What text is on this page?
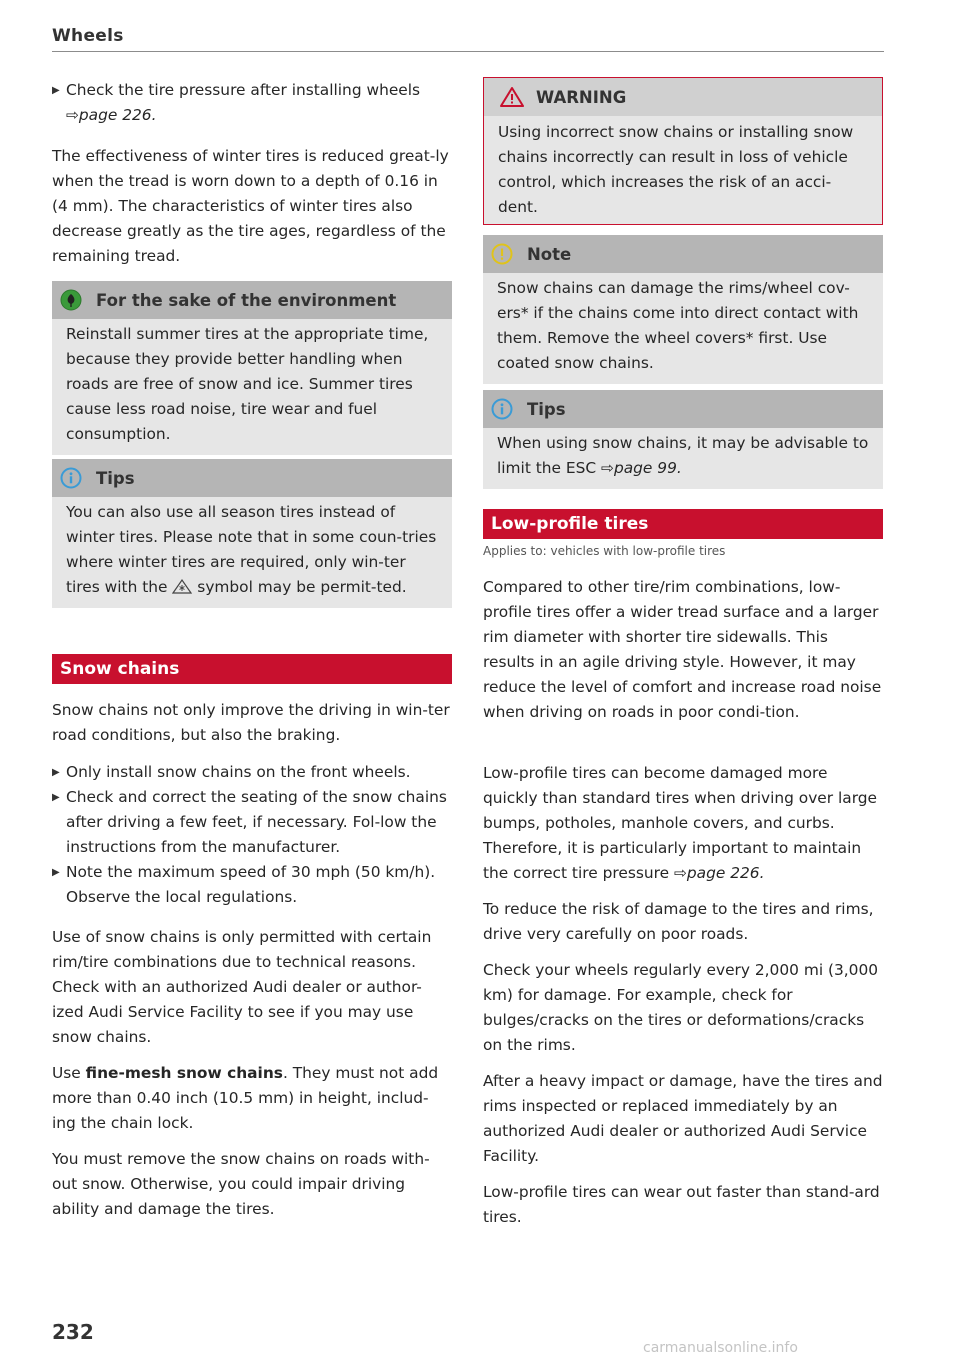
Wheels
▶ Check the tire pressure after installing wheels
⇨page 226.

The effectiveness of winter tires is reduced great-ly when the tread is worn down to a depth of 0.16 in (4 mm). The characteristics of winter tires also decrease greatly as the tire ages, regardless of the remaining tread.

For the sake of the environment

Reinstall summer tires at the appropriate time, because they provide better handling when roads are free of snow and ice. Summer tires cause less road noise, tire wear and fuel consumption.

Tips

You can also use all season tires instead of winter tires. Please note that in some coun-tries where winter tires are required, only win-ter tires with the symbol may be permit-ted.

Snow chains

Snow chains not only improve the driving in win-ter road conditions, but also the braking.

▶ Only install snow chains on the front wheels.
▶ Check and correct the seating of the snow chains after driving a few feet, if necessary. Fol-low the instructions from the manufacturer.
▶ Note the maximum speed of 30 mph (50 km/h). Observe the local regulations.

Use of snow chains is only permitted with certain rim/tire combinations due to technical reasons. Check with an authorized Audi dealer or author-ized Audi Service Facility to see if you may use snow chains.

Use fine-mesh snow chains. They must not add more than 0.40 inch (10.5 mm) in height, includ-ing the chain lock.

You must remove the snow chains on roads with-out snow. Otherwise, you could impair driving ability and damage the tires.

WARNING

Using incorrect snow chains or installing snow chains incorrectly can result in loss of vehicle control, which increases the risk of an acci-dent.

Note

Snow chains can damage the rims/wheel cov-ers* if the chains come into direct contact with them. Remove the wheel covers* first. Use coated snow chains.

Tips

When using snow chains, it may be advisable to limit the ESC ⇨page 99.

Low-profile tires
Applies to: vehicles with low-profile tires

Compared to other tire/rim combinations, low-profile tires offer a wider tread surface and a larger rim diameter with shorter tire sidewalls. This results in an agile driving style. However, it may reduce the level of comfort and increase road noise when driving on roads in poor condi-tion.

Low-profile tires can become damaged more quickly than standard tires when driving over large bumps, potholes, manhole covers, and curbs. Therefore, it is particularly important to maintain the correct tire pressure ⇨page 226.

To reduce the risk of damage to the tires and rims, drive very carefully on poor roads.

Check your wheels regularly every 2,000 mi (3,000 km) for damage. For example, check for bulges/cracks on the tires or deformations/cracks on the rims.

After a heavy impact or damage, have the tires and rims inspected or replaced immediately by an authorized Audi dealer or authorized Audi Service Facility.

Low-profile tires can wear out faster than stand-ard tires.

232
carmanualsonline.info
